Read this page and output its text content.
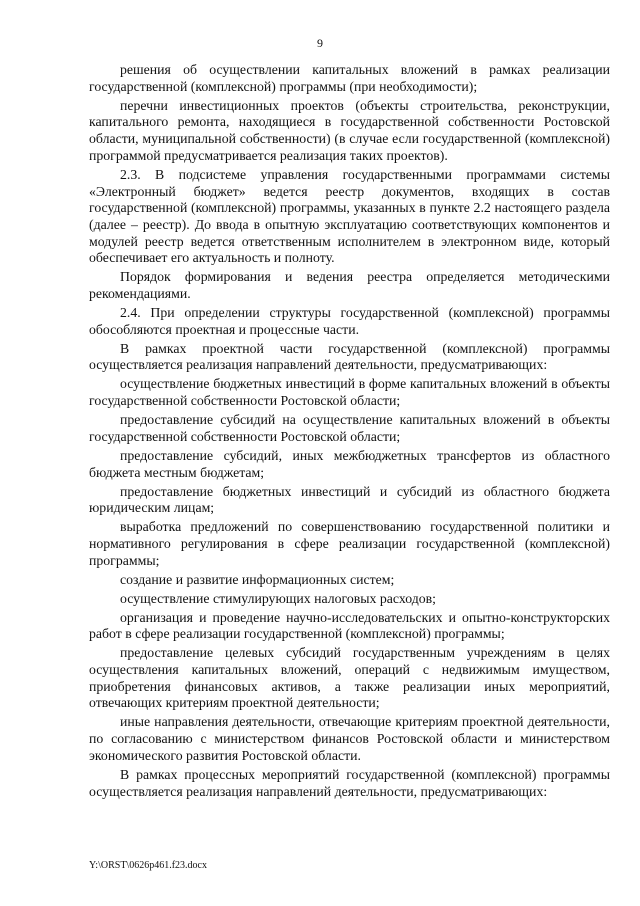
9

решения об осуществлении капитальных вложений в рамках реализации государственной (комплексной) программы (при необходимости);

перечни инвестиционных проектов (объекты строительства, реконструкции, капитального ремонта, находящиеся в государственной собственности Ростовской области, муниципальной собственности) (в случае если государственной (комплексной) программой предусматривается реализация таких проектов).

2.3. В подсистеме управления государственными программами системы «Электронный бюджет» ведется реестр документов, входящих в состав государственной (комплексной) программы, указанных в пункте 2.2 настоящего раздела (далее – реестр). До ввода в опытную эксплуатацию соответствующих компонентов и модулей реестр ведется ответственным исполнителем в электронном виде, который обеспечивает его актуальность и полноту.

Порядок формирования и ведения реестра определяется методическими рекомендациями.

2.4. При определении структуры государственной (комплексной) программы обособляются проектная и процессные части.

В рамках проектной части государственной (комплексной) программы осуществляется реализация направлений деятельности, предусматривающих:

осуществление бюджетных инвестиций в форме капитальных вложений в объекты государственной собственности Ростовской области;

предоставление субсидий на осуществление капитальных вложений в объекты государственной собственности Ростовской области;

предоставление субсидий, иных межбюджетных трансфертов из областного бюджета местным бюджетам;

предоставление бюджетных инвестиций и субсидий из областного бюджета юридическим лицам;

выработка предложений по совершенствованию государственной политики и нормативного регулирования в сфере реализации государственной (комплексной) программы;

создание и развитие информационных систем;

осуществление стимулирующих налоговых расходов;

организация и проведение научно-исследовательских и опытно-конструкторских работ в сфере реализации государственной (комплексной) программы;

предоставление целевых субсидий государственным учреждениям в целях осуществления капитальных вложений, операций с недвижимым имуществом, приобретения финансовых активов, а также реализации иных мероприятий, отвечающих критериям проектной деятельности;

иные направления деятельности, отвечающие критериям проектной деятельности, по согласованию с министерством финансов Ростовской области и министерством экономического развития Ростовской области.

В рамках процессных мероприятий государственной (комплексной) программы осуществляется реализация направлений деятельности, предусматривающих:

Y:\ORST\0626p461.f23.docx
